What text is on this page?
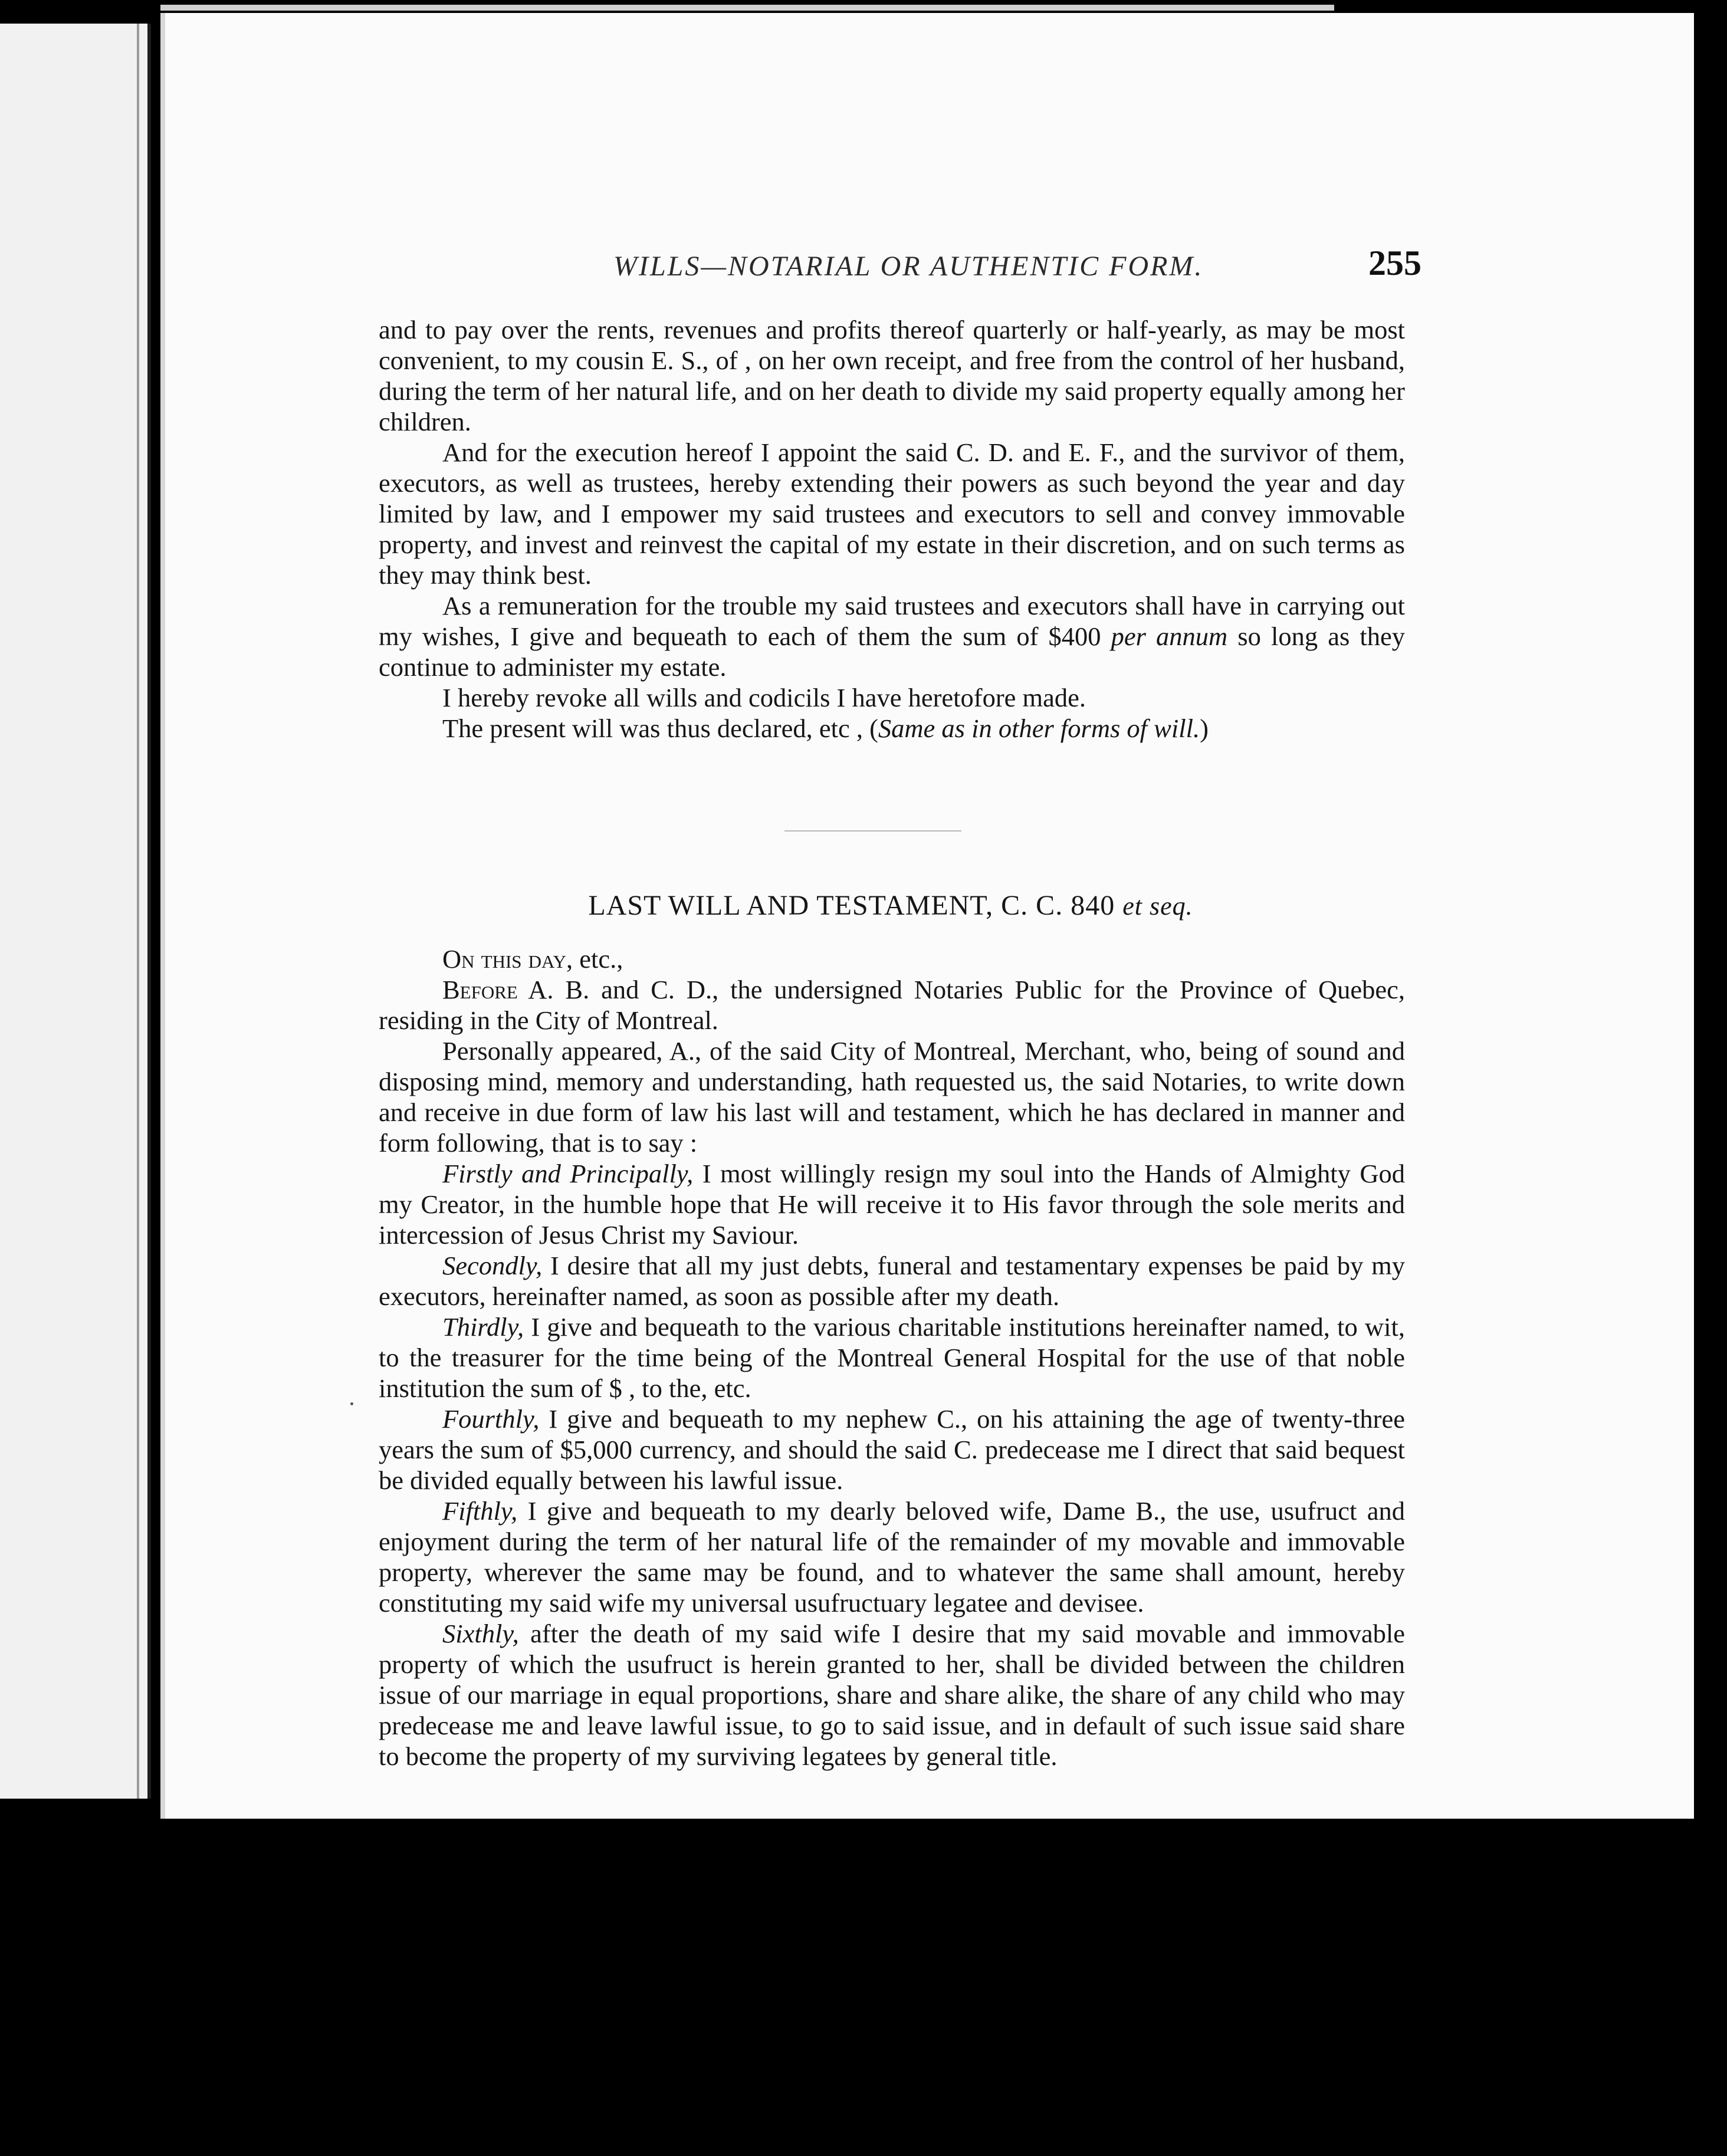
WILLS—NOTARIAL OR AUTHENTIC FORM.	255

and to pay over the rents, revenues and profits thereof quarterly or half-yearly, as may be most convenient, to my cousin E. S., of , on her own receipt, and free from the control of her husband, during the term of her natural life, and on her death to divide my said property equally among her children.

And for the execution hereof I appoint the said C. D. and E. F., and the survivor of them, executors, as well as trustees, hereby extending their powers as such beyond the year and day limited by law, and I empower my said trustees and executors to sell and convey immovable property, and invest and reinvest the capital of my estate in their discretion, and on such terms as they may think best.

As a remuneration for the trouble my said trustees and executors shall have in carrying out my wishes, I give and bequeath to each of them the sum of $400 per annum so long as they continue to administer my estate.

I hereby revoke all wills and codicils I have heretofore made.

The present will was thus declared, etc , (Same as in other forms of will.)

LAST WILL AND TESTAMENT, C. C. 840 et seq.

On this day, etc.,

Before A. B. and C. D., the undersigned Notaries Public for the Province of Quebec, residing in the City of Montreal.

Personally appeared, A., of the said City of Montreal, Merchant, who, being of sound and disposing mind, memory and understanding, hath requested us, the said Notaries, to write down and receive in due form of law his last will and testament, which he has declared in manner and form following, that is to say :

Firstly and Principally, I most willingly resign my soul into the Hands of Almighty God my Creator, in the humble hope that He will receive it to His favor through the sole merits and intercession of Jesus Christ my Saviour.

Secondly, I desire that all my just debts, funeral and testamentary expenses be paid by my executors, hereinafter named, as soon as possible after my death.

Thirdly, I give and bequeath to the various charitable institutions hereinafter named, to wit, to the treasurer for the time being of the Montreal General Hospital for the use of that noble institution the sum of $ , to the, etc.

Fourthly, I give and bequeath to my nephew C., on his attaining the age of twenty-three years the sum of $5,000 currency, and should the said C. predecease me I direct that said bequest be divided equally between his lawful issue.

Fifthly, I give and bequeath to my dearly beloved wife, Dame B., the use, usufruct and enjoyment during the term of her natural life of the remainder of my movable and immovable property, wherever the same may be found, and to whatever the same shall amount, hereby constituting my said wife my universal usufructuary legatee and devisee.

Sixthly, after the death of my said wife I desire that my said movable and immovable property of which the usufruct is herein granted to her, shall be divided between the children issue of our marriage in equal proportions, share and share alike, the share of any child who may predecease me and leave lawful issue, to go to said issue, and in default of such issue said share to become the property of my surviving legatees by general title.
